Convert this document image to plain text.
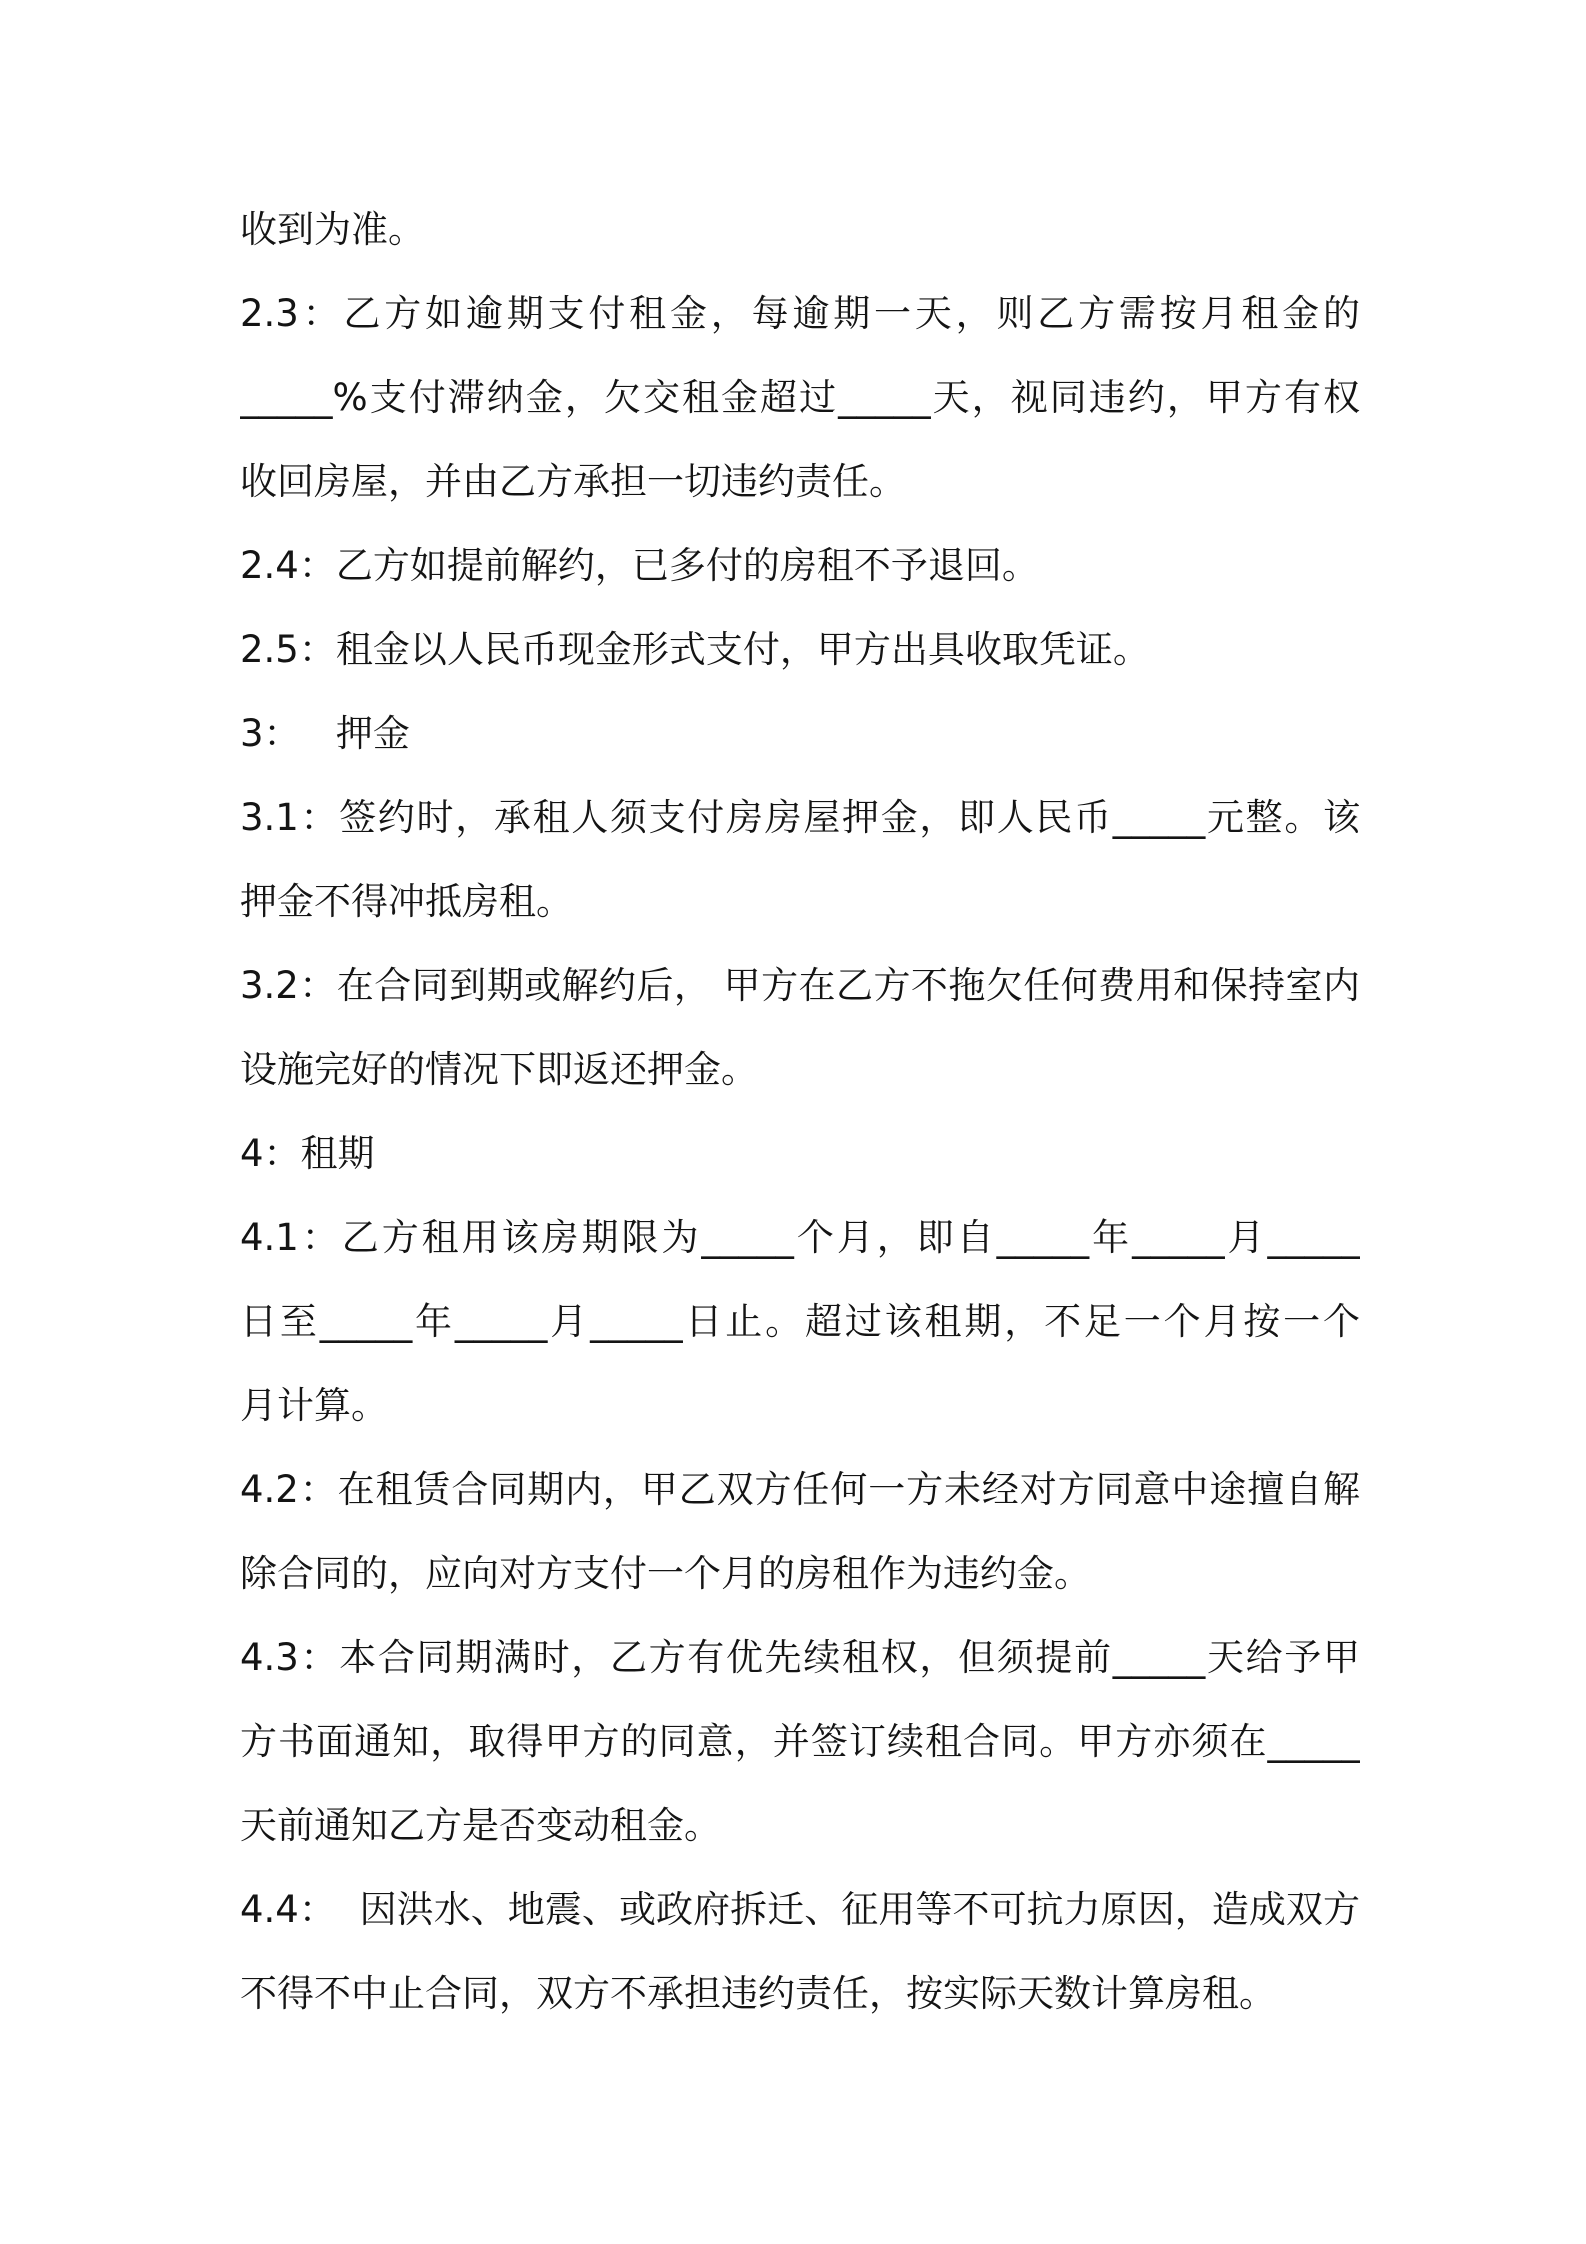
收到为准。
2.3：乙方如逾期支付租金，每逾期一天，则乙方需按月租金的
_____%支付滞纳金，欠交租金超过_____天，视同违约，甲方有权
收回房屋，并由乙方承担一切违约责任。
2.4：乙方如提前解约，已多付的房租不予退回。
2.5：租金以人民币现金形式支付，甲方出具收取凭证。
3：   押金
3.1：签约时，承租人须支付房房屋押金，即人民币_____元整。该
押金不得冲抵房租。
3.2：在合同到期或解约后， 甲方在乙方不拖欠任何费用和保持室内
设施完好的情况下即返还押金。
4：租期
4.1：乙方租用该房期限为_____个月，即自_____年_____月_____
日至_____年_____月_____日止。超过该租期，不足一个月按一个
月计算。
4.2：在租赁合同期内，甲乙双方任何一方未经对方同意中途擅自解
除合同的，应向对方支付一个月的房租作为违约金。
4.3：本合同期满时，乙方有优先续租权，但须提前_____天给予甲
方书面通知，取得甲方的同意，并签订续租合同。甲方亦须在_____
天前通知乙方是否变动租金。
4.4：  因洪水、地震、或政府拆迁、征用等不可抗力原因，造成双方
不得不中止合同，双方不承担违约责任，按实际天数计算房租。
